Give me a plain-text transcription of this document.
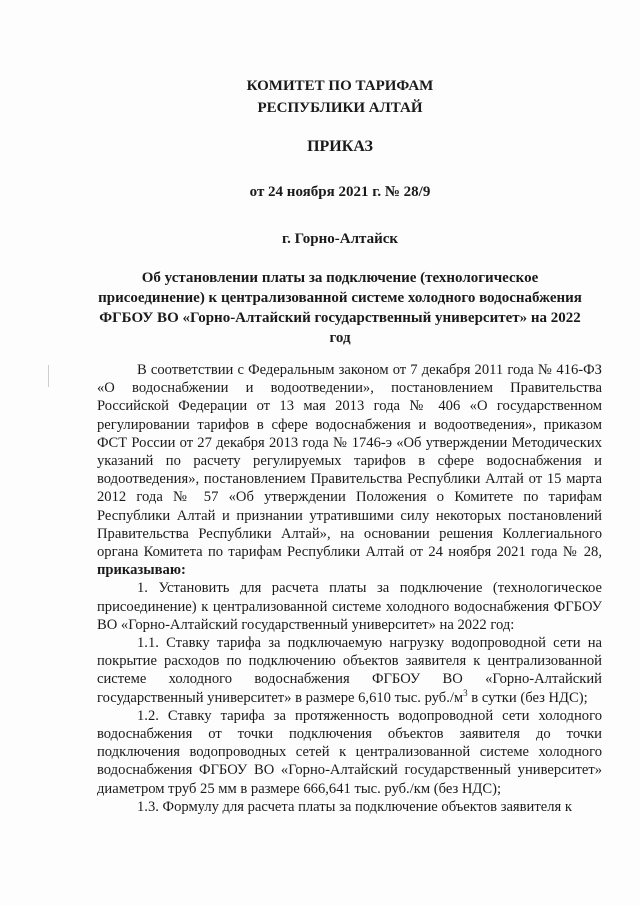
КОМИТЕТ ПО ТАРИФАМ
РЕСПУБЛИКИ АЛТАЙ
ПРИКАЗ
от 24 ноября 2021 г. № 28/9
г. Горно-Алтайск
Об установлении платы за подключение (технологическое присоединение) к централизованной системе холодного водоснабжения ФГБОУ ВО «Горно-Алтайский государственный университет» на 2022 год

В соответствии с Федеральным законом от 7 декабря 2011 года № 416-ФЗ «О водоснабжении и водоотведении», постановлением Правительства Российской Федерации от 13 мая 2013 года № 406 «О государственном регулировании тарифов в сфере водоснабжения и водоотведения», приказом ФСТ России от 27 декабря 2013 года № 1746-э «Об утверждении Методических указаний по расчету регулируемых тарифов в сфере водоснабжения и водоотведения», постановлением Правительства Республики Алтай от 15 марта 2012 года № 57 «Об утверждении Положения о Комитете по тарифам Республики Алтай и признании утратившими силу некоторых постановлений Правительства Республики Алтай», на основании решения Коллегиального органа Комитета по тарифам Республики Алтай от 24 ноября 2021 года № 28, приказываю:

1. Установить для расчета платы за подключение (технологическое присоединение) к централизованной системе холодного водоснабжения ФГБОУ ВО «Горно-Алтайский государственный университет» на 2022 год:

1.1. Ставку тарифа за подключаемую нагрузку водопроводной сети на покрытие расходов по подключению объектов заявителя к централизованной системе холодного водоснабжения ФГБОУ ВО «Горно-Алтайский государственный университет» в размере 6,610 тыс. $руб./м^3$ в сутки (без НДС);

1.2. Ставку тарифа за протяженность водопроводной сети холодного водоснабжения от точки подключения объектов заявителя до точки подключения водопроводных сетей к централизованной системе холодного водоснабжения ФГБОУ ВО «Горно-Алтайский государственный университет» диаметром труб 25 мм в размере 666,641 тыс. руб./км (без НДС);

1.3. Формулу для расчета платы за подключение объектов заявителя к
